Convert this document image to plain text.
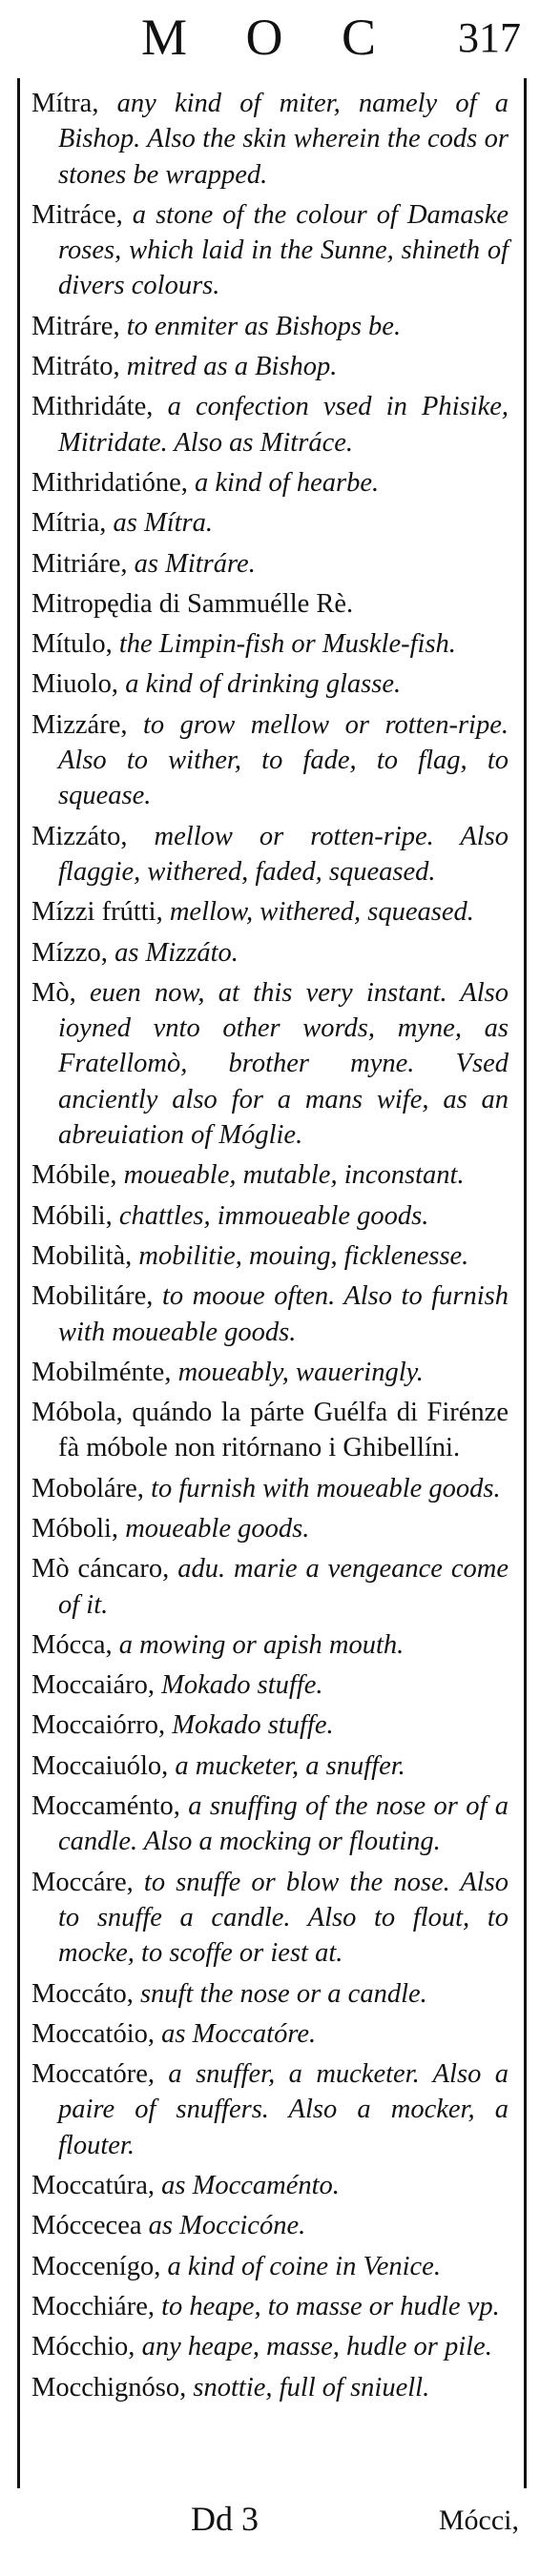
M O C	317

Mítra, any kind of miter, namely of a Bishop. Also the skin wherein the cods or stones be wrapped.

Mitráce, a stone of the colour of Damaske roses, which laid in the Sunne, shineth of divers colours.

Mitráre, to enmiter as Bishops be.

Mitráto, mitred as a Bishop.

Mithridáte, a confection vsed in Phisike, Mitridate. Also as Mitráce.

Mithridatióne, a kind of hearbe.

Mítria, as Mítra.

Mitriáre, as Mitráre.

Mitropędia di Sammuélle Rè.

Mítulo, the Limpin-fish or Muskle-fish.

Miuolo, a kind of drinking glasse.

Mizzáre, to grow mellow or rotten-ripe. Also to wither, to fade, to flag, to squease.

Mizzáto, mellow or rotten-ripe. Also flaggie, withered, faded, squeased.

Mízzi frútti, mellow, withered, squeased.

Mízzo, as Mizzáto.

Mò, euen now, at this very instant. Also ioyned vnto other words, myne, as Fratellomò, brother myne. Vsed anciently also for a mans wife, as an abreuiation of Móglie.

Móbile, moueable, mutable, inconstant.

Móbili, chattles, immoueable goods.

Mobilità, mobilitie, mouing, ficklenesse.

Mobilitáre, to mooue often. Also to furnish with moueable goods.

Mobilménte, moueably, waueringly.

Móbola, quándo la párte Guélfa di Firénze fà móbole non ritórnano i Ghibellíni.

Moboláre, to furnish with moueable goods.

Móboli, moueable goods.

Mò cáncaro, adu. marie a vengeance come of it.

Mócca, a mowing or apish mouth.

Moccaiáro, Mokado stuffe.

Moccaiórro, Mokado stuffe.

Moccaiuólo, a mucketer, a snuffer.

Moccaménto, a snuffing of the nose or of a candle. Also a mocking or flouting.

Moccáre, to snuffe or blow the nose. Also to snuffe a candle. Also to flout, to mocke, to scoffe or iest at.

Moccáto, snuft the nose or a candle.

Moccatóio, as Moccatóre.

Moccatóre, a snuffer, a mucketer. Also a paire of snuffers. Also a mocker, a flouter.

Moccatúra, as Moccaménto.

Móccecea as Moccicóne.

Moccenígo, a kind of coine in Venice.

Mocchiáre, to heape, to masse or hudle vp.

Mócchio, any heape, masse, hudle or pile.

Mocchignóso, snottie, full of sniuell.

Dd 3	Mócci,
